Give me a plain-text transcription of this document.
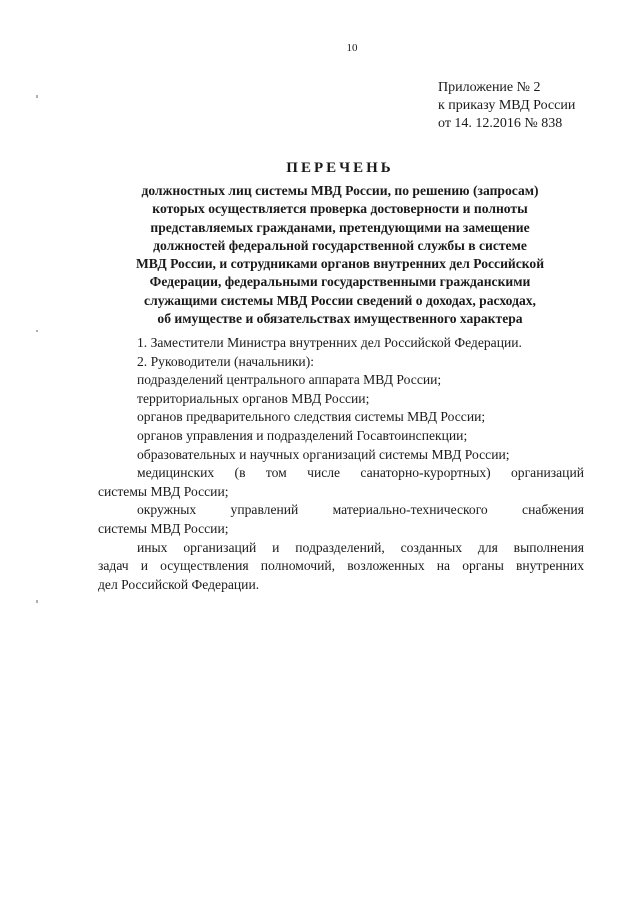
10
Приложение № 2
к приказу МВД России
от 14. 12.2016 № 838
ПЕРЕЧЕНЬ
должностных лиц системы МВД России, по решению (запросам)
которых осуществляется проверка достоверности и полноты
представляемых гражданами, претендующими на замещение
должностей федеральной государственной службы в системе
МВД России, и сотрудниками органов внутренних дел Российской
Федерации, федеральными государственными гражданскими
служащими системы МВД России сведений о доходах, расходах,
об имуществе и обязательствах имущественного характера
1. Заместители Министра внутренних дел Российской Федерации.
2. Руководители (начальники):
подразделений центрального аппарата МВД России;
территориальных органов МВД России;
органов предварительного следствия системы МВД России;
органов управления и подразделений Госавтоинспекции;
образовательных и научных организаций системы МВД России;
медицинских (в том числе санаторно-курортных) организаций
системы МВД России;
окружных управлений материально-технического снабжения
системы МВД России;
иных организаций и подразделений, созданных для выполнения
задач и осуществления полномочий, возложенных на органы внутренних
дел Российской Федерации.
